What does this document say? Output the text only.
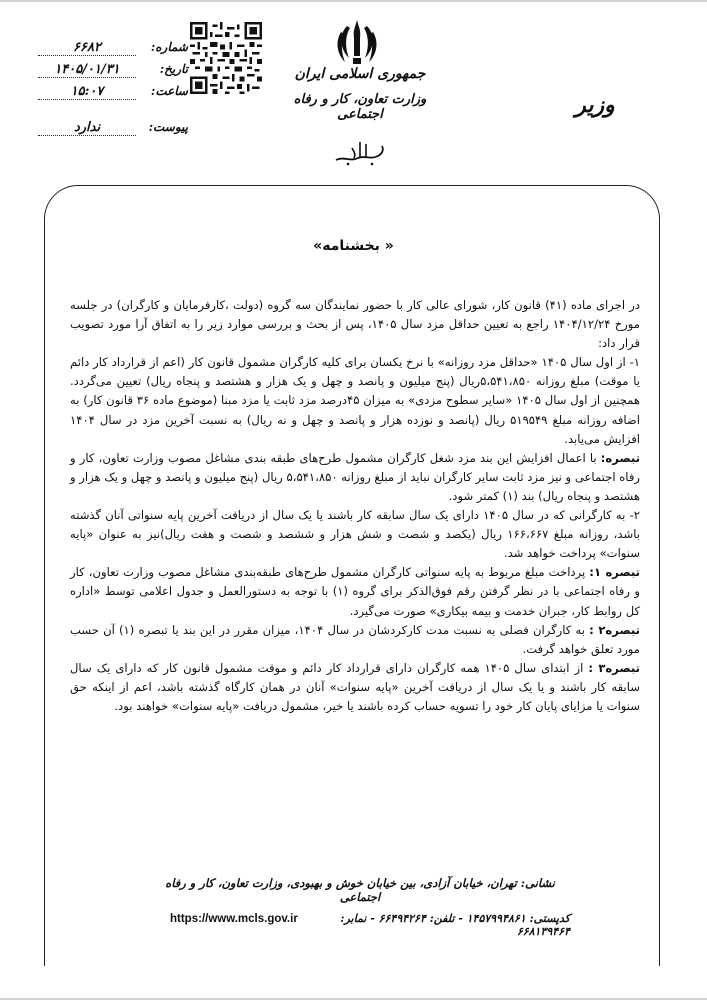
جمهوری اسلامی ایران
وزارت تعاون، کار و رفاه اجتماعی	وزیر
شماره:
۶۶۸۲
تاریخ:
۱۴۰۵/۰۱/۳۱
ساعت:
۱۵:۰۷
پیوست:
ندارد
« بخشنامه»

در اجرای ماده (۴۱) قانون کار، شورای عالی کار با حضور نمایندگان سه گروه (دولت ،کارفرمایان و کارگران) در جلسه مورخ ۱۴۰۴/۱۲/۲۴ راجع به تعیین حداقل مزد سال ۱۴۰۵، پس از بحث و بررسی موارد زیر را به اتفاق آرا مورد تصویب قرار داد:

۱- از اول سال ۱۴۰۵ «حداقل مزد روزانه» با نرخ یکسان برای کلیه کارگران مشمول قانون کار (اعم از قرارداد کار دائم یا موقت) مبلغ روزانه ۵،۵۴۱،۸۵۰ریال (پنج میلیون و پانصد و چهل و یک هزار و هشتصد و پنجاه ریال) تعیین می‌گردد. همچنین از اول سال ۱۴۰۵ «سایر سطوح مزدی» به میزان ۴۵درصد مزد ثابت یا مزد مبنا (موضوع ماده ۳۶ قانون کار) به اضافه روزانه مبلغ ۵۱۹۵۴۹ ریال (پانصد و نوزده هزار و پانصد و چهل و نه ریال) به نسبت آخرین مزد در سال ۱۴۰۴ افزایش می‌یابد.

تبصره: با اعمال افزایش این بند مزد شغل کارگران مشمول طرح‌های طبقه بندی مشاغل مصوب وزارت تعاون، کار و رفاه اجتماعی و نیز مزد ثابت سایر کارگران نباید از مبلغ روزانه ۵،۵۴۱،۸۵۰ ریال (پنج میلیون و پانصد و چهل و یک هزار و هشتصد و پنجاه ریال) بند (۱) کمتر شود.

۲- به کارگرانی که در سال ۱۴۰۵ دارای یک سال سابقه کار باشند یا یک سال از دریافت آخرین پایه سنواتی آنان گذشته باشد، روزانه مبلغ ۱۶۶،۶۶۷ ریال (یکصد و شصت و شش هزار و ششصد و شصت و هفت ریال)نیز به عنوان «پایه سنوات» پرداخت خواهد شد.

تبصره ۱: پرداخت مبلغ مربوط به پایه سنواتی کارگران مشمول طرح‌های طبقه‌بندی مشاغل مصوب وزارت تعاون، کار و رفاه اجتماعی با در نظر گرفتن رقم فوق‌الذکر برای گروه (۱) با توجه به دستورالعمل و جدول اعلامی توسط «اداره کل روابط کار، جبران خدمت و بیمه بیکاری» صورت می‌گیرد.

تبصره۲ : به کارگران فصلی به نسبت مدت کارکردشان در سال ۱۴۰۴، میزان مقرر در این بند یا تبصره (۱) آن حسب مورد تعلق خواهد گرفت.

تبصره۳ : از ابتدای سال ۱۴۰۵ همه کارگران دارای قرارداد کار دائم و موقت مشمول قانون کار که دارای یک سال سابقه کار باشند و یا یک سال از دریافت آخرین «پایه سنوات» آنان در همان کارگاه گذشته باشد، اعم از اینکه حق سنوات یا مزایای پایان کار خود را تسویه حساب کرده باشند یا خیر، مشمول دریافت «پایه سنوات» خواهند بود.

نشانی: تهران، خیابان آزادی، بین خیابان خوش و بهبودی، وزارت تعاون، کار و رفاه اجتماعی
کدپستی: ۱۴۵۷۹۹۴۸۶۱ - تلفن: ۶۶۴۹۴۲۶۴ - نمابر: ۶۶۸۱۳۹۴۶۴
https://www.mcls.gov.ir
